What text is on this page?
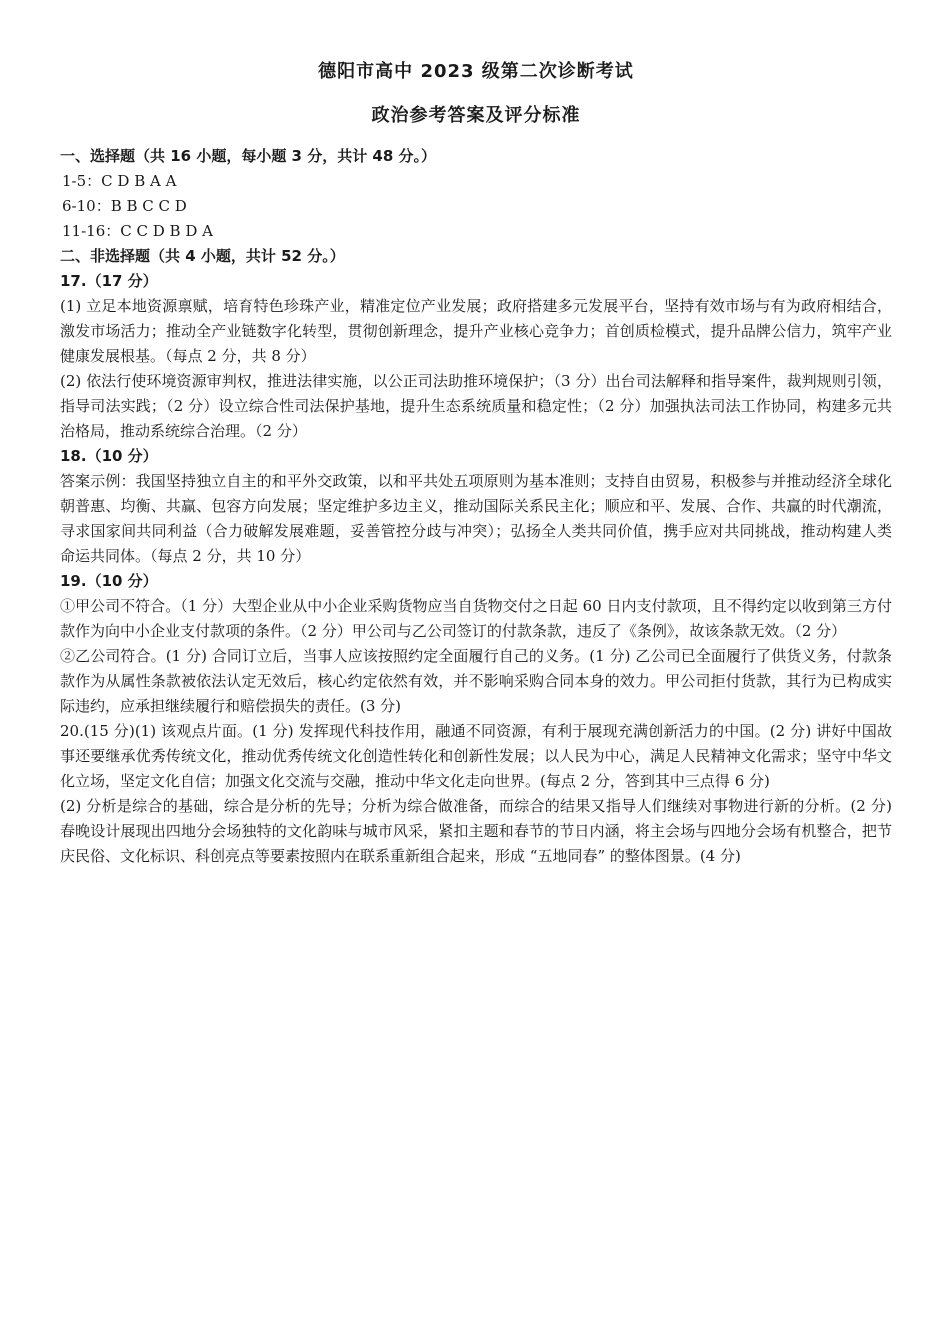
德阳市高中 2023 级第二次诊断考试
政治参考答案及评分标准
一、选择题（共 16 小题，每小题 3 分，共计 48 分。）
1-5：C D B A A
6-10：B B C C D
11-16：C C D B D A
二、非选择题（共 4 小题，共计 52 分。）
17.（17 分）
(1) 立足本地资源禀赋，培育特色珍珠产业，精准定位产业发展；政府搭建多元发展平台，坚持有效市场与有为政府相结合，激发市场活力；推动全产业链数字化转型，贯彻创新理念，提升产业核心竞争力；首创质检模式，提升品牌公信力，筑牢产业健康发展根基。（每点 2 分，共 8 分）
(2) 依法行使环境资源审判权，推进法律实施，以公正司法助推环境保护；（3 分）出台司法解释和指导案件，裁判规则引领，指导司法实践；（2 分）设立综合性司法保护基地，提升生态系统质量和稳定性；（2 分）加强执法司法工作协同，构建多元共治格局，推动系统综合治理。（2 分）
18.（10 分）
答案示例：我国坚持独立自主的和平外交政策，以和平共处五项原则为基本准则；支持自由贸易，积极参与并推动经济全球化朝普惠、均衡、共赢、包容方向发展；坚定维护多边主义，推动国际关系民主化；顺应和平、发展、合作、共赢的时代潮流，寻求国家间共同利益（合力破解发展难题，妥善管控分歧与冲突）；弘扬全人类共同价值，携手应对共同挑战，推动构建人类命运共同体。（每点 2 分，共 10 分）
19.（10 分）
①甲公司不符合。（1 分）大型企业从中小企业采购货物应当自货物交付之日起 60 日内支付款项，且不得约定以收到第三方付款作为向中小企业支付款项的条件。（2 分）甲公司与乙公司签订的付款条款，违反了《条例》，故该条款无效。（2 分）
②乙公司符合。(1 分) 合同订立后，当事人应该按照约定全面履行自己的义务。(1 分) 乙公司已全面履行了供货义务，付款条款作为从属性条款被依法认定无效后，核心约定依然有效，并不影响采购合同本身的效力。甲公司拒付货款，其行为已构成实际违约，应承担继续履行和赔偿损失的责任。(3 分)
20.(15 分)(1) 该观点片面。(1 分) 发挥现代科技作用，融通不同资源，有利于展现充满创新活力的中国。(2 分) 讲好中国故事还要继承优秀传统文化，推动优秀传统文化创造性转化和创新性发展；以人民为中心，满足人民精神文化需求；坚守中华文化立场，坚定文化自信；加强文化交流与交融，推动中华文化走向世界。(每点 2 分，答到其中三点得 6 分)
(2) 分析是综合的基础，综合是分析的先导；分析为综合做准备，而综合的结果又指导人们继续对事物进行新的分析。(2 分) 春晚设计展现出四地分会场独特的文化韵味与城市风采，紧扣主题和春节的节日内涵，将主会场与四地分会场有机整合，把节庆民俗、文化标识、科创亮点等要素按照内在联系重新组合起来，形成 “五地同春” 的整体图景。(4 分)
